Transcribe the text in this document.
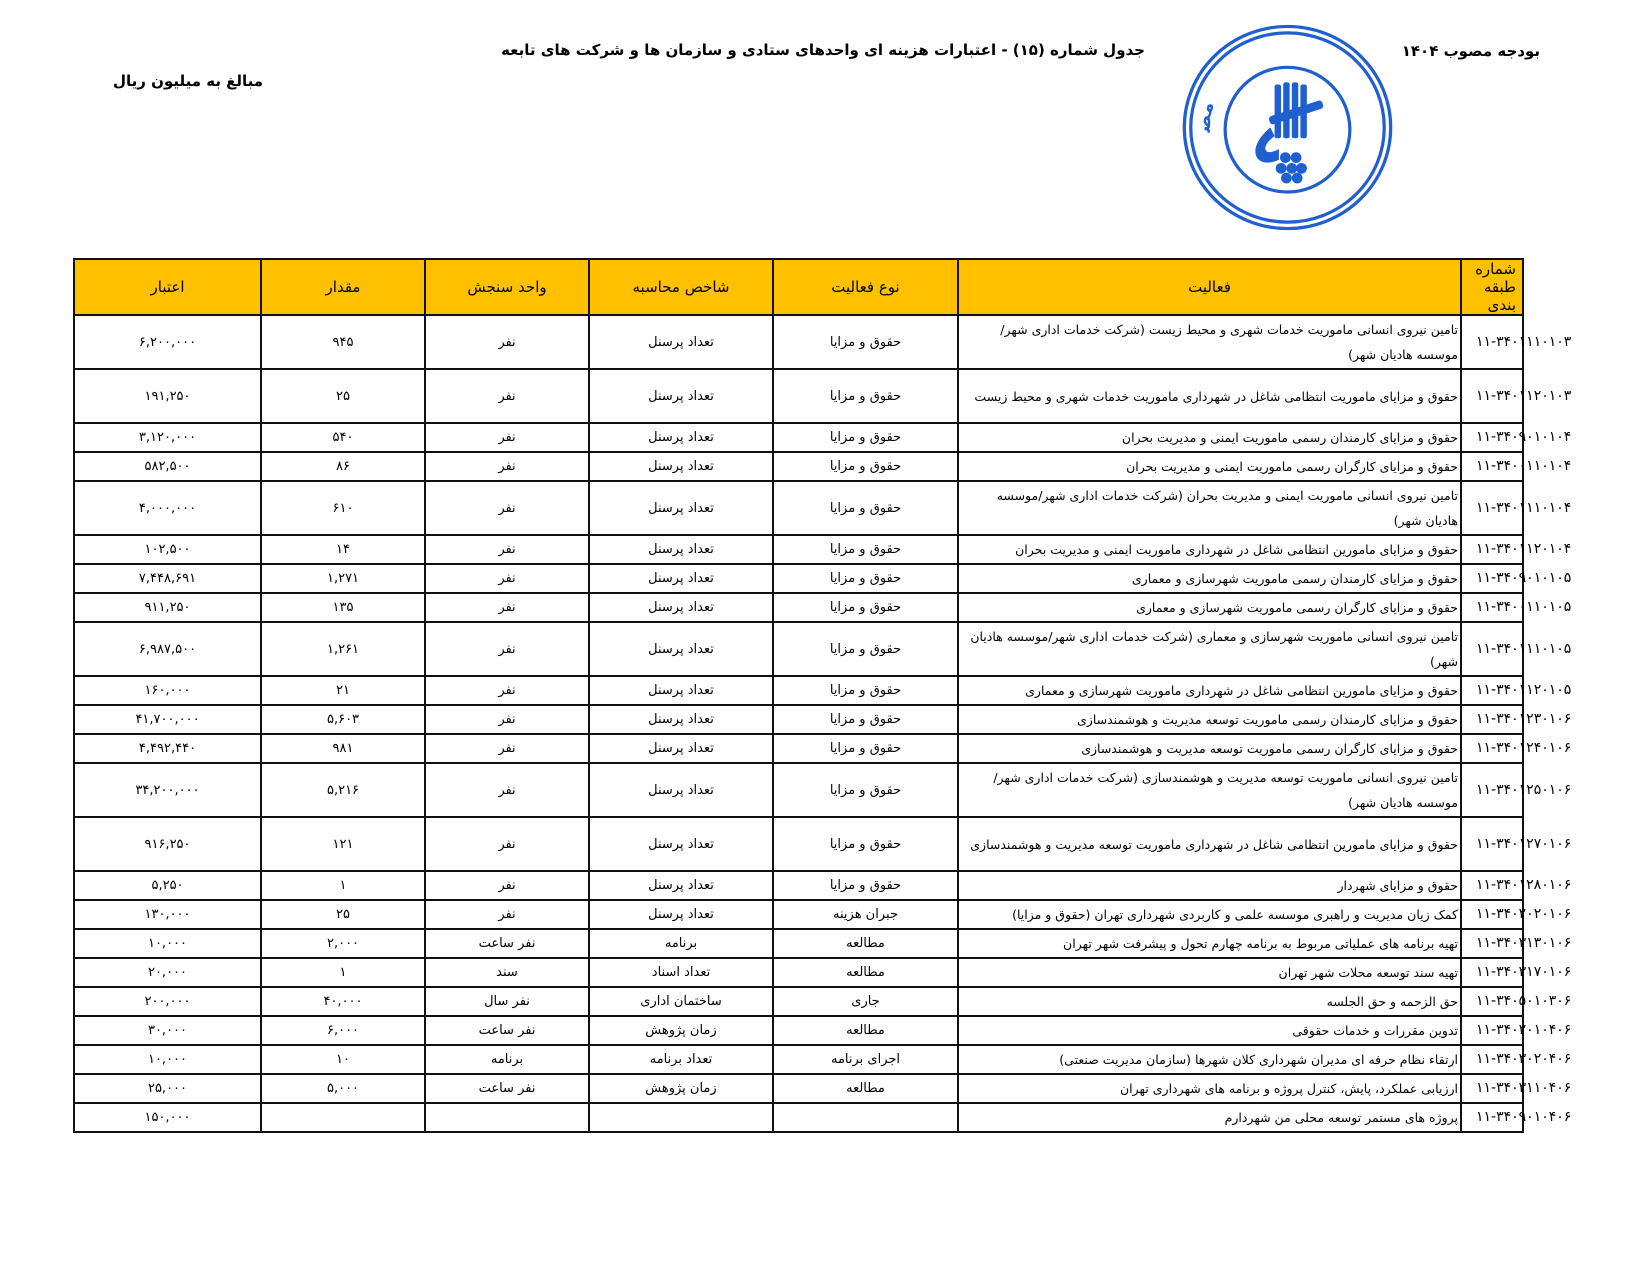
بودجه مصوب ۱۴۰۴
جدول شماره (۱۵) - اعتبارات هزینه ای واحدهای ستادی و سازمان ها و شرکت های تابعه
مبالغ به میلیون ریال
مص
شماره طبقه بندی	فعالیت	نوع فعالیت	شاخص محاسبه	واحد سنجش	مقدار	اعتبار
۱۱-۳۴۰۱۱۱۰۱۰۳	تامین نیروی انسانی ماموریت خدمات شهری و محیط زیست (شرکت خدمات اداری شهر/موسسه هادیان شهر)	حقوق و مزایا	تعداد پرسنل	نفر	۹۴۵	۶,۲۰۰,۰۰۰
۱۱-۳۴۰۱۱۲۰۱۰۳	حقوق و مزایای ماموریت انتظامی شاغل در شهرداری ماموریت خدمات شهری و محیط زیست	حقوق و مزایا	تعداد پرسنل	نفر	۲۵	۱۹۱,۲۵۰
۱۱-۳۴۰۹۰۱۰۱۰۴	حقوق و مزایای کارمندان رسمی ماموریت ایمنی و مدیریت بحران	حقوق و مزایا	تعداد پرسنل	نفر	۵۴۰	۳,۱۲۰,۰۰۰
۱۱-۳۴۰۰۱۱۰۱۰۴	حقوق و مزایای کارگران رسمی ماموریت ایمنی و مدیریت بحران	حقوق و مزایا	تعداد پرسنل	نفر	۸۶	۵۸۲,۵۰۰
۱۱-۳۴۰۱۱۱۰۱۰۴	تامین نیروی انسانی ماموریت ایمنی و مدیریت بحران (شرکت خدمات اداری شهر/موسسه هادیان شهر)	حقوق و مزایا	تعداد پرسنل	نفر	۶۱۰	۴,۰۰۰,۰۰۰
۱۱-۳۴۰۱۱۲۰۱۰۴	حقوق و مزایای مامورین انتظامی شاغل در شهرداری ماموریت ایمنی و مدیریت بحران	حقوق و مزایا	تعداد پرسنل	نفر	۱۴	۱۰۲,۵۰۰
۱۱-۳۴۰۹۰۱۰۱۰۵	حقوق و مزایای کارمندان رسمی ماموریت شهرسازی و معماری	حقوق و مزایا	تعداد پرسنل	نفر	۱,۲۷۱	۷,۴۴۸,۶۹۱
۱۱-۳۴۰۰۱۱۰۱۰۵	حقوق و مزایای کارگران رسمی ماموریت شهرسازی و معماری	حقوق و مزایا	تعداد پرسنل	نفر	۱۳۵	۹۱۱,۲۵۰
۱۱-۳۴۰۱۱۱۰۱۰۵	تامین نیروی انسانی ماموریت شهرسازی و معماری (شرکت خدمات اداری شهر/موسسه هادیان شهر)	حقوق و مزایا	تعداد پرسنل	نفر	۱,۲۶۱	۶,۹۸۷,۵۰۰
۱۱-۳۴۰۱۱۲۰۱۰۵	حقوق و مزایای مامورین انتظامی شاغل در شهرداری ماموریت شهرسازی و معماری	حقوق و مزایا	تعداد پرسنل	نفر	۲۱	۱۶۰,۰۰۰
۱۱-۳۴۰۱۲۳۰۱۰۶	حقوق و مزایای کارمندان رسمی ماموریت توسعه مدیریت و هوشمندسازی	حقوق و مزایا	تعداد پرسنل	نفر	۵,۶۰۳	۴۱,۷۰۰,۰۰۰
۱۱-۳۴۰۱۲۴۰۱۰۶	حقوق و مزایای کارگران رسمی ماموریت توسعه مدیریت و هوشمندسازی	حقوق و مزایا	تعداد پرسنل	نفر	۹۸۱	۴,۴۹۲,۴۴۰
۱۱-۳۴۰۱۲۵۰۱۰۶	تامین نیروی انسانی ماموریت توسعه مدیریت و هوشمندسازی (شرکت خدمات اداری شهر/موسسه هادیان شهر)	حقوق و مزایا	تعداد پرسنل	نفر	۵,۲۱۶	۳۴,۲۰۰,۰۰۰
۱۱-۳۴۰۱۲۷۰۱۰۶	حقوق و مزایای مامورین انتظامی شاغل در شهرداری ماموریت توسعه مدیریت و هوشمندسازی	حقوق و مزایا	تعداد پرسنل	نفر	۱۲۱	۹۱۶,۲۵۰
۱۱-۳۴۰۱۲۸۰۱۰۶	حقوق و مزایای شهردار	حقوق و مزایا	تعداد پرسنل	نفر	۱	۵,۲۵۰
۱۱-۳۴۰۲۰۲۰۱۰۶	کمک زیان مدیریت و راهبری موسسه علمی و کاربردی شهرداری تهران (حقوق و مزایا)	جبران هزینه	تعداد پرسنل	نفر	۲۵	۱۳۰,۰۰۰
۱۱-۳۴۰۳۱۳۰۱۰۶	تهیه برنامه های عملیاتی مربوط به برنامه چهارم تحول و پیشرفت شهر تهران	مطالعه	برنامه	نفر ساعت	۲,۰۰۰	۱۰,۰۰۰
۱۱-۳۴۰۳۱۷۰۱۰۶	تهیه سند توسعه محلات شهر تهران	مطالعه	تعداد اسناد	سند	۱	۲۰,۰۰۰
۱۱-۳۴۰۵۰۱۰۳۰۶	حق الزحمه و حق الجلسه	جاری	ساختمان اداری	نفر سال	۴۰,۰۰۰	۲۰۰,۰۰۰
۱۱-۳۴۰۲۰۱۰۴۰۶	تدوین مقررات و خدمات حقوقی	مطالعه	زمان پژوهش	نفر ساعت	۶,۰۰۰	۳۰,۰۰۰
۱۱-۳۴۰۳۰۲۰۴۰۶	ارتقاء نظام حرفه ای مدیران شهرداری کلان شهرها (سازمان مدیریت صنعتی)	اجرای برنامه	تعداد برنامه	برنامه	۱۰	۱۰,۰۰۰
۱۱-۳۴۰۳۱۱۰۴۰۶	ارزیابی عملکرد، پایش، کنترل پروژه و برنامه های شهرداری تهران	مطالعه	زمان پژوهش	نفر ساعت	۵,۰۰۰	۲۵,۰۰۰
۱۱-۳۴۰۹۰۱۰۴۰۶	پروژه های مستمر توسعه محلی من شهردارم					۱۵۰,۰۰۰
